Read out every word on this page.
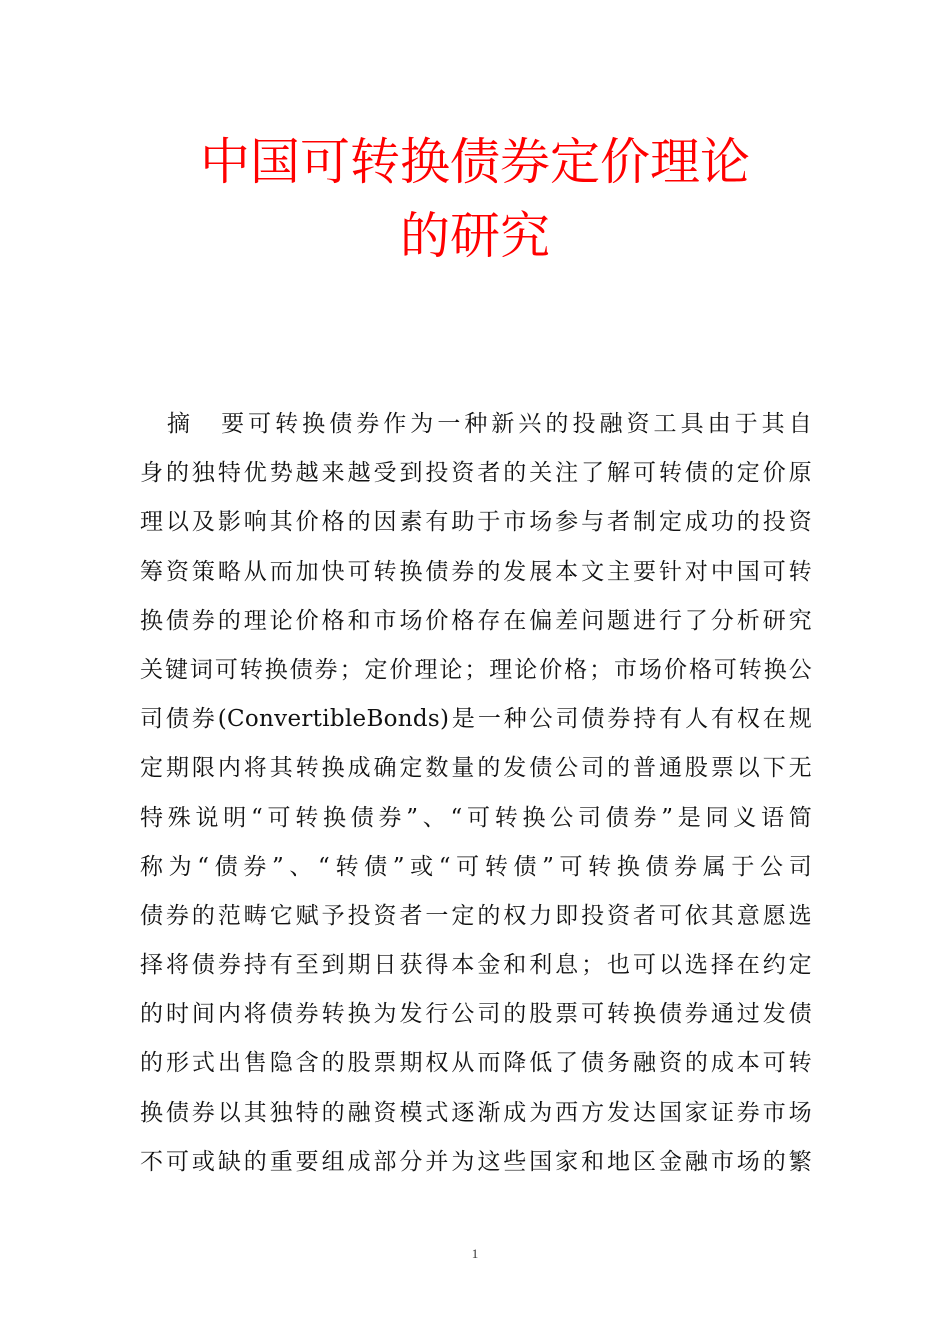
中国可转换债券定价理论
的研究
　摘　要可转换债券作为一种新兴的投融资工具由于其自
身的独特优势越来越受到投资者的关注了解可转债的定价原
理以及影响其价格的因素有助于市场参与者制定成功的投资
筹资策略从而加快可转换债券的发展本文主要针对中国可转
换债券的理论价格和市场价格存在偏差问题进行了分析研究
关键词可转换债券；定价理论；理论价格；市场价格可转换公
司债券(ConvertibleBonds)是一种公司债券持有人有权在规
定期限内将其转换成确定数量的发债公司的普通股票以下无
特殊说明“可转换债券”、“可转换公司债券”是同义语简
称为“债券”、“转债”或“可转债”可转换债券属于公司
债券的范畴它赋予投资者一定的权力即投资者可依其意愿选
择将债券持有至到期日获得本金和利息；也可以选择在约定
的时间内将债券转换为发行公司的股票可转换债券通过发债
的形式出售隐含的股票期权从而降低了债务融资的成本可转
换债券以其独特的融资模式逐渐成为西方发达国家证券市场
不可或缺的重要组成部分并为这些国家和地区金融市场的繁
1
